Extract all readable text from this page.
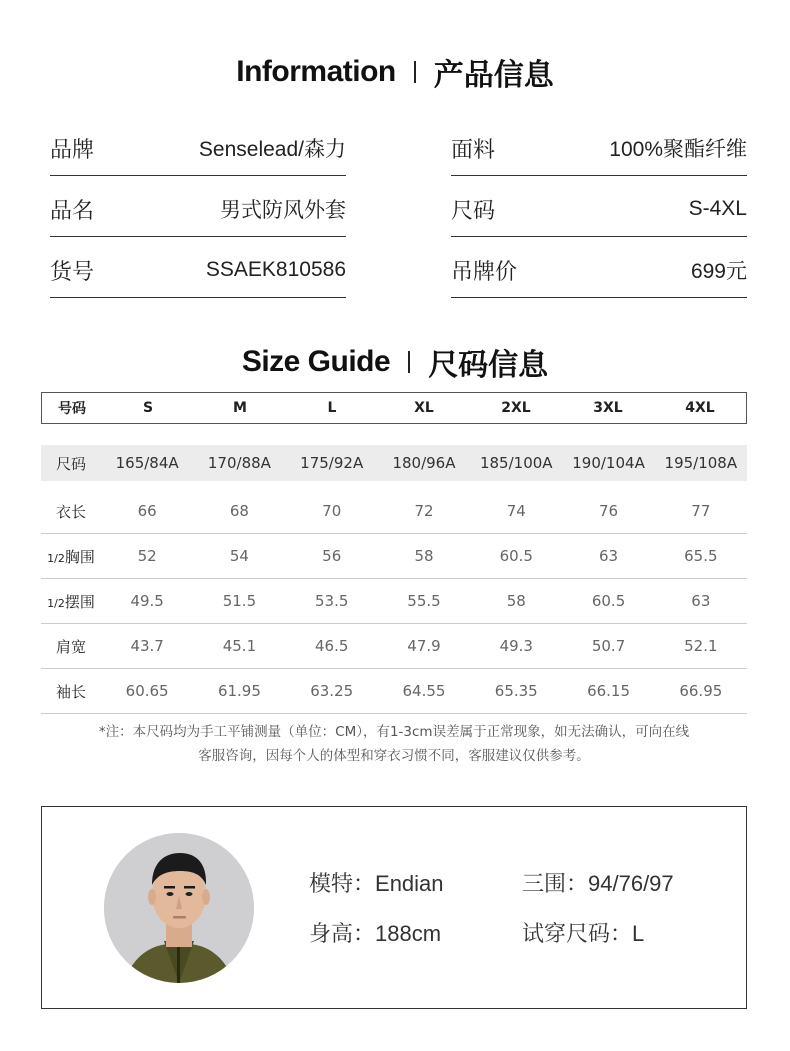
Information 产品信息
品牌	Senselead/森力
品名	男式防风外套
货号	SSAEK810586
面料	100%聚酯纤维
尺码	S-4XL
吊牌价	699元
Size Guide 尺码信息
号码	S	M	L	XL	2XL	3XL	4XL
尺码	165/84A	170/88A	175/92A	180/96A	185/100A	190/104A	195/108A
衣长	66	68	70	72	74	76	77
1/2胸围	52	54	56	58	60.5	63	65.5
1/2摆围	49.5	51.5	53.5	55.5	58	60.5	63
肩宽	43.7	45.1	46.5	47.9	49.3	50.7	52.1
袖长	60.65	61.95	63.25	64.55	65.35	66.15	66.95
*注：本尺码均为手工平铺测量（单位：CM），有1-3cm误差属于正常现象，如无法确认，可向在线
客服咨询，因每个人的体型和穿衣习惯不同，客服建议仅供参考。
模特：Endian	三围：94/76/97
身高：188cm	试穿尺码：L
